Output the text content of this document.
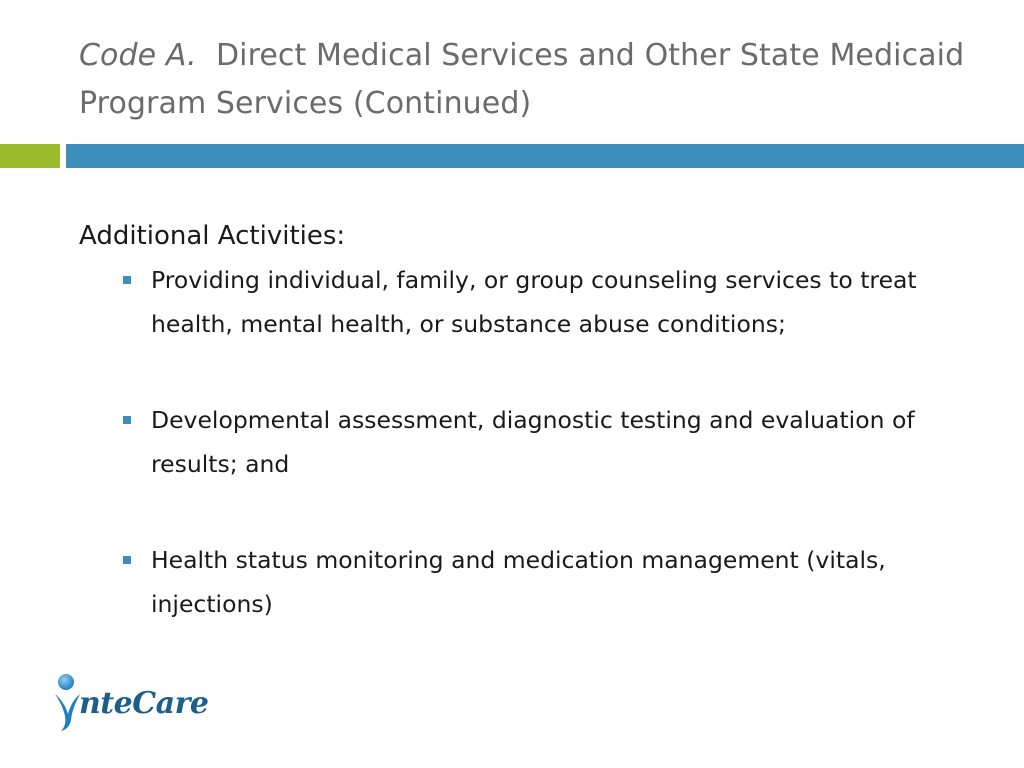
Code A. Direct Medical Services and Other State Medicaid Program Services (Continued)

Additional Activities:

Providing individual, family, or group counseling services to treat health, mental health, or substance abuse conditions;
Developmental assessment, diagnostic testing and evaluation of results; and
Health status monitoring and medication management (vitals, injections)
nteCare
